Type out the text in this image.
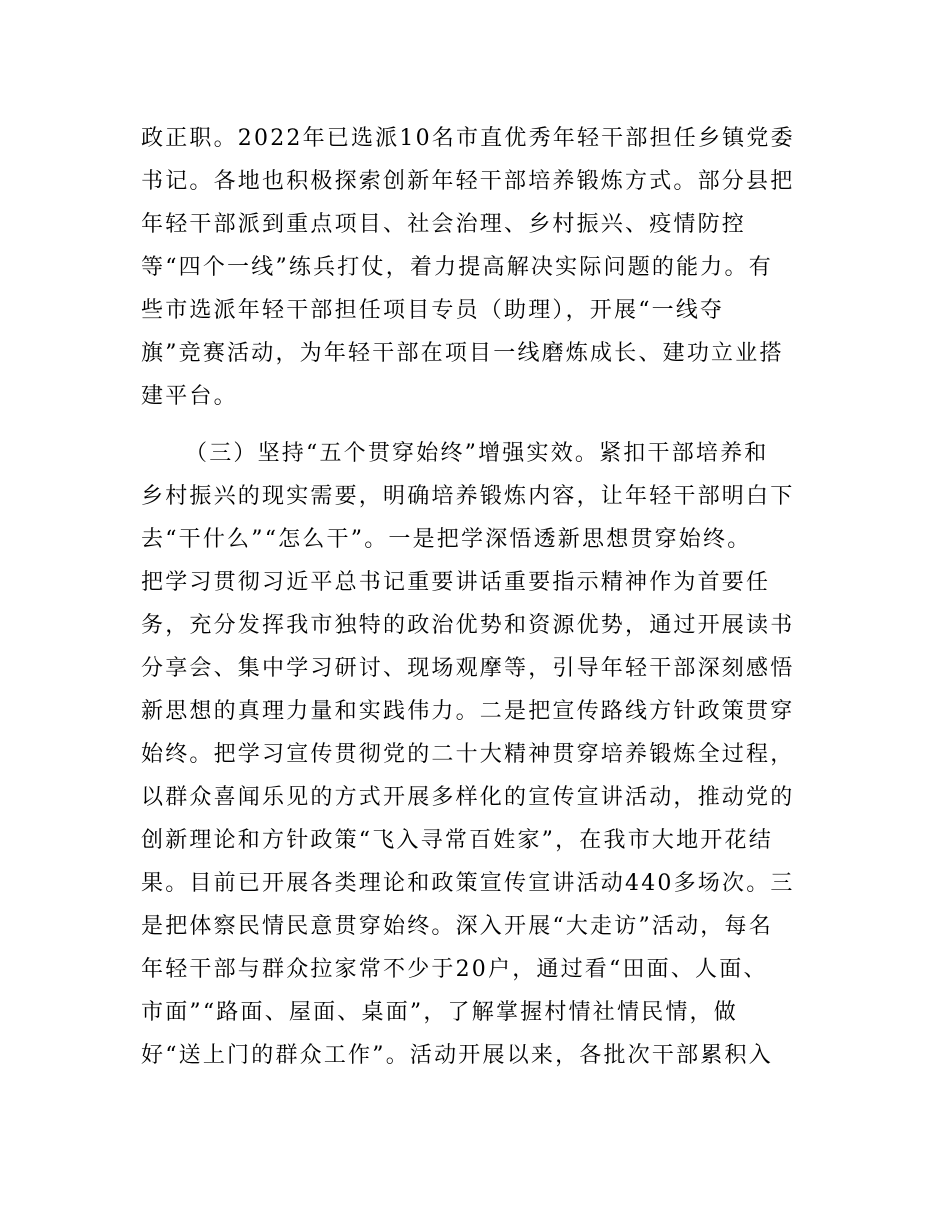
政正职。2022年已选派10名市直优秀年轻干部担任乡镇党委
书记。各地也积极探索创新年轻干部培养锻炼方式。部分县把
年轻干部派到重点项目、社会治理、乡村振兴、疫情防控
等“四个一线”练兵打仗，着力提高解决实际问题的能力。有
些市选派年轻干部担任项目专员（助理），开展“一线夺
旗”竞赛活动，为年轻干部在项目一线磨炼成长、建功立业搭
建平台。
（三）坚持“五个贯穿始终”增强实效。紧扣干部培养和
乡村振兴的现实需要，明确培养锻炼内容，让年轻干部明白下
去“干什么”“怎么干”。一是把学深悟透新思想贯穿始终。
把学习贯彻习近平总书记重要讲话重要指示精神作为首要任
务，充分发挥我市独特的政治优势和资源优势，通过开展读书
分享会、集中学习研讨、现场观摩等，引导年轻干部深刻感悟
新思想的真理力量和实践伟力。二是把宣传路线方针政策贯穿
始终。把学习宣传贯彻党的二十大精神贯穿培养锻炼全过程，
以群众喜闻乐见的方式开展多样化的宣传宣讲活动，推动党的
创新理论和方针政策“飞入寻常百姓家”，在我市大地开花结
果。目前已开展各类理论和政策宣传宣讲活动440多场次。三
是把体察民情民意贯穿始终。深入开展“大走访”活动，每名
年轻干部与群众拉家常不少于20户，通过看“田面、人面、
市面”“路面、屋面、桌面”，了解掌握村情社情民情，做
好“送上门的群众工作”。活动开展以来，各批次干部累积入
